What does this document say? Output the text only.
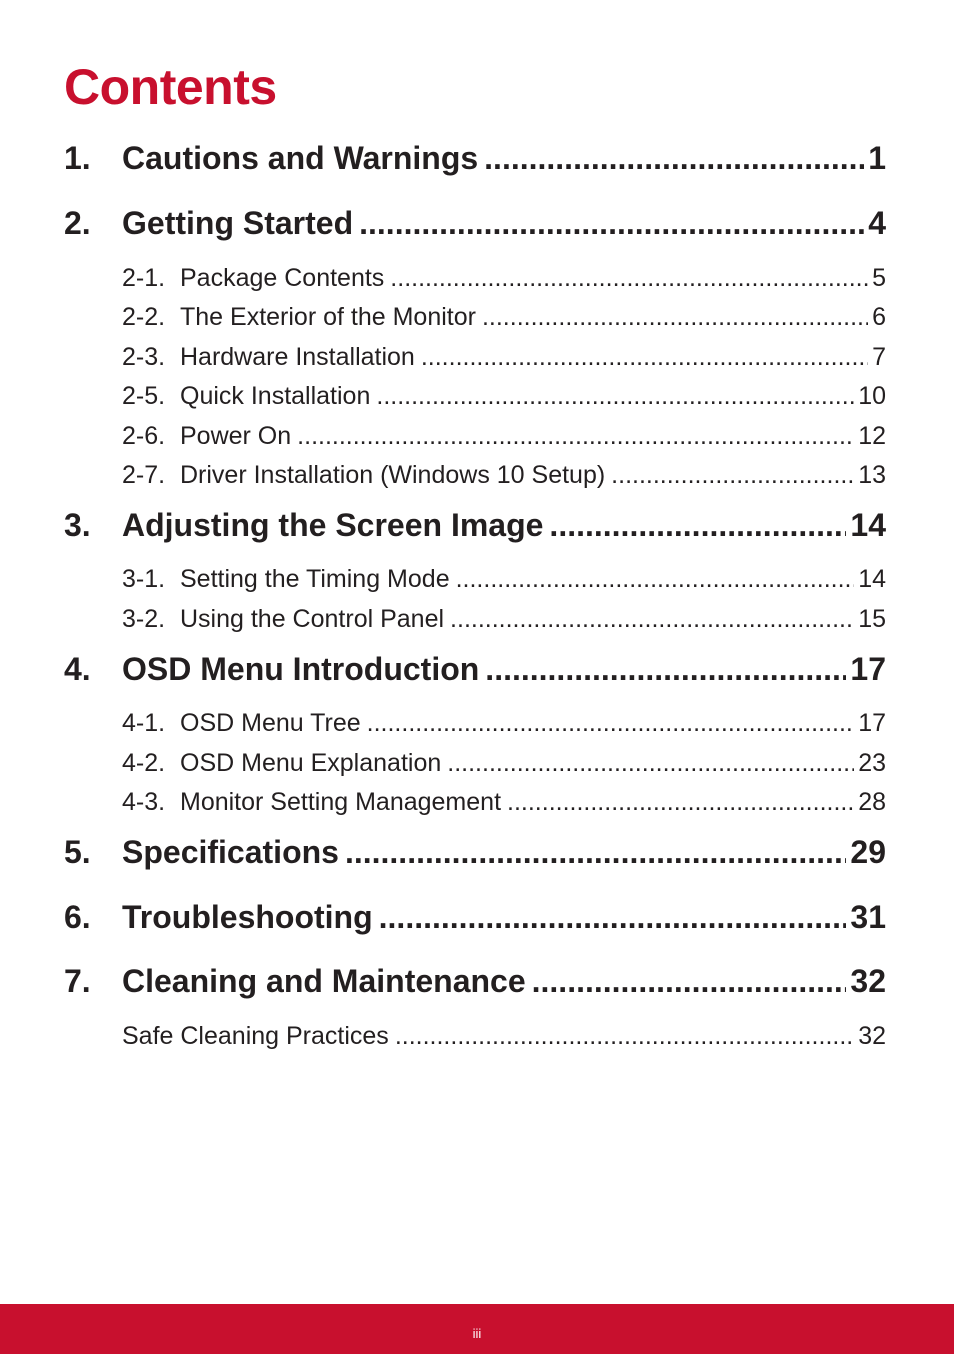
Contents
1. Cautions and Warnings .....	1
2. Getting Started .....	4
2-1. Package Contents .....	5
2-2. The Exterior of the Monitor .....	6
2-3. Hardware Installation .....	7
2-5. Quick Installation .....	10
2-6. Power On .....	12
2-7. Driver Installation (Windows 10 Setup) .....	13
3. Adjusting the Screen Image .....	14
3-1. Setting the Timing Mode .....	14
3-2. Using the Control Panel .....	15
4. OSD Menu Introduction .....	17
4-1. OSD Menu Tree .....	17
4-2. OSD Menu Explanation .....	23
4-3. Monitor Setting Management .....	28
5. Specifications .....	29
6. Troubleshooting .....	31
7. Cleaning and Maintenance .....	32
Safe Cleaning Practices .....	32
iii
